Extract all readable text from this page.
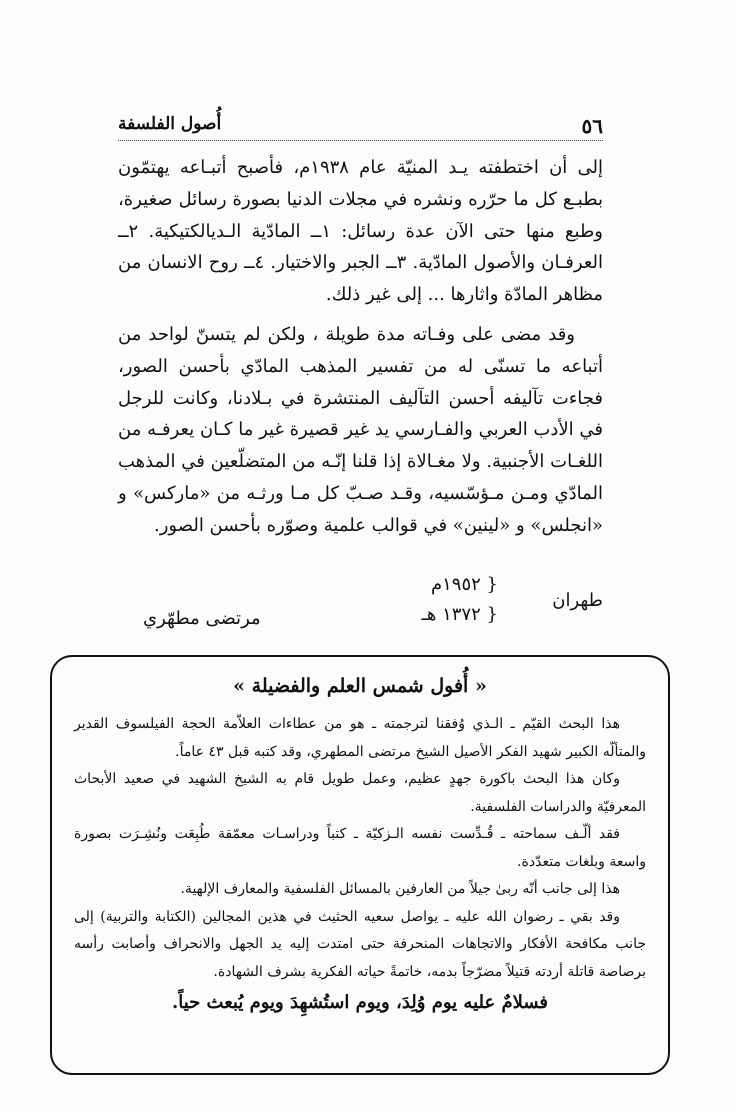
٥٦
أُصول الفلسفة

إلى أن اختطفته يـد المنيّة عام ١٩٣٨م، فأصبح أتبـاعه يهتمّون بطبـع كل ما حرّره ونشره في مجلات الدنيا بصورة رسائل صغيرة، وطبع منها حتى الآن عدة رسائل: ١ــ المادّية الـديالكتيكية. ٢ــ العرفـان والأصول المادّية. ٣ــ الجبر والاختيار. ٤ــ روح الانسان من مظاهر المادّة واثارها ... إلى غير ذلك.

وقد مضى على وفـاته مدة طويلة ، ولكن لم يتسنّ لواحد من أتباعه ما تسنّى له من تفسير المذهب المادّي بأحسن الصور، فجاءت تآليفه أحسن التآليف المنتشرة في بـلادنا، وكانت للرجل في الأدب العربي والفـارسي يد غير قصيرة غير ما كـان يعرفـه من اللغـات الأجنبية. ولا مغـالاة إذا قلنا إنّـه من المتضلّعين في المذهب المادّي ومـن مـؤسّسيه، وقـد صـبّ كل مـا ورثـه من «ماركس» و «انجلس» و «لينين» في قوالب علمية وصوّره بأحسن الصور.

طهران
{ ١٩٥٢م
{ ١٣٧٢ هـ
مرتضى مطهّري
« أُفول شمس العلم والفضيلة »

هذا البحث القيّم ـ الـذي وُفقنا لترجمته ـ هو من عطاءات العلاّمة الحجة الفيلسوف القدير والمتألّه الكبير شهيد الفكر الأصيل الشيخ مرتضى المطهري، وقد كتبه قبل ٤٣ عاماً.

وكان هذا البحث باكورة جهدٍ عظيم، وعمل طويل قام به الشيخ الشهيد في صعيد الأبحاث المعرفيّة والدراسات الفلسفية.

فقد ألّـف سماحته ـ قُـدِّست نفسه الـزكيّة ـ كتباً ودراسـات معمّقة طُبِعَت ونُشِـرَت بصورة واسعة وبلغات متعدّدة.

هذا إلى جانب أنّه ربىٰ جيلاً من العارفين بالمسائل الفلسفية والمعارف الإلهية.

وقد بقي ـ رضوان الله عليه ـ يواصل سعيه الحثيث في هذين المجالين (الكتابة والتربية) إلى جانب مكافحة الأفكار والاتجاهات المنحرفة حتى امتدت إليه يد الجهل والانحراف وأصابت رأسه برصاصة قاتلة أردته قتيلاً مضرّجاً بدمه، خاتمةً حياته الفكرية بشرف الشهادة.

فسلامٌ عليه يوم وُلِدَ، ويوم استُشهِدَ ويوم يُبعث حياً.
